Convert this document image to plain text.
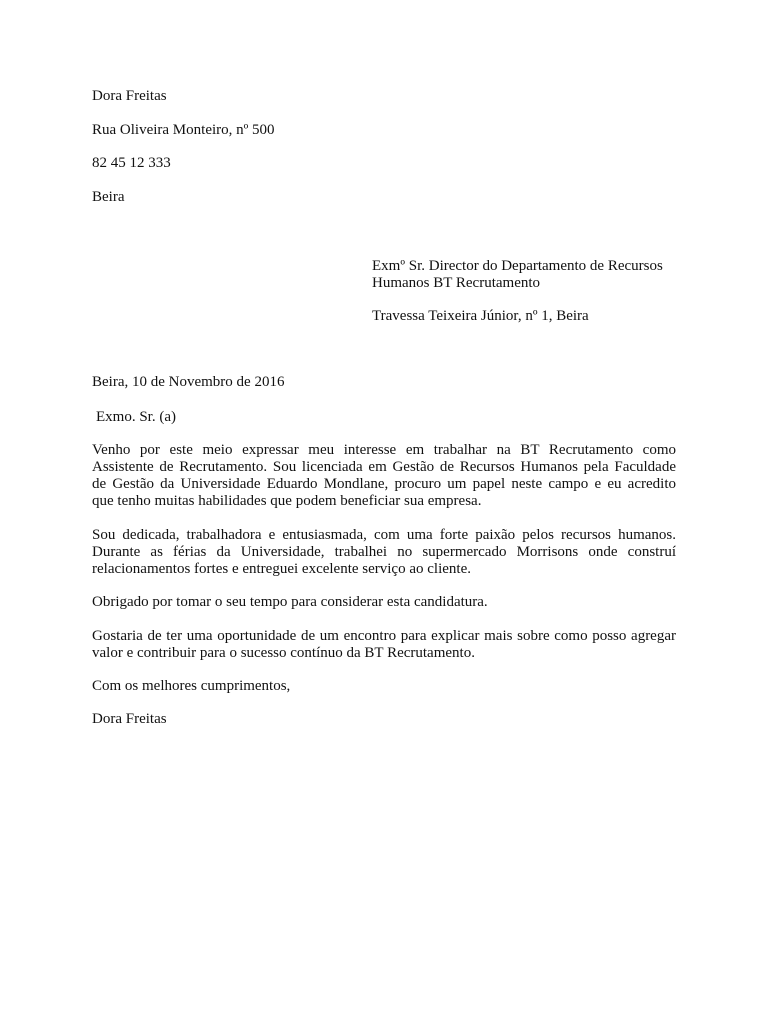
Dora Freitas
Rua Oliveira Monteiro, nº 500
82 45 12 333
Beira
Exmº Sr. Director do Departamento de Recursos
Humanos BT Recrutamento
Travessa Teixeira Júnior, nº 1, Beira
Beira, 10 de Novembro de 2016
Exmo. Sr. (a)
Venho por este meio expressar meu interesse em trabalhar na BT Recrutamento como
Assistente de Recrutamento. Sou licenciada em Gestão de Recursos Humanos pela Faculdade
de Gestão da Universidade Eduardo Mondlane, procuro um papel neste campo e eu acredito
que tenho muitas habilidades que podem beneficiar sua empresa.
Sou dedicada, trabalhadora e entusiasmada, com uma forte paixão pelos recursos humanos.
Durante as férias da Universidade, trabalhei no supermercado Morrisons onde construí
relacionamentos fortes e entreguei excelente serviço ao cliente.
Obrigado por tomar o seu tempo para considerar esta candidatura.
Gostaria de ter uma oportunidade de um encontro para explicar mais sobre como posso agregar
valor e contribuir para o sucesso contínuo da BT Recrutamento.
Com os melhores cumprimentos,
Dora Freitas
